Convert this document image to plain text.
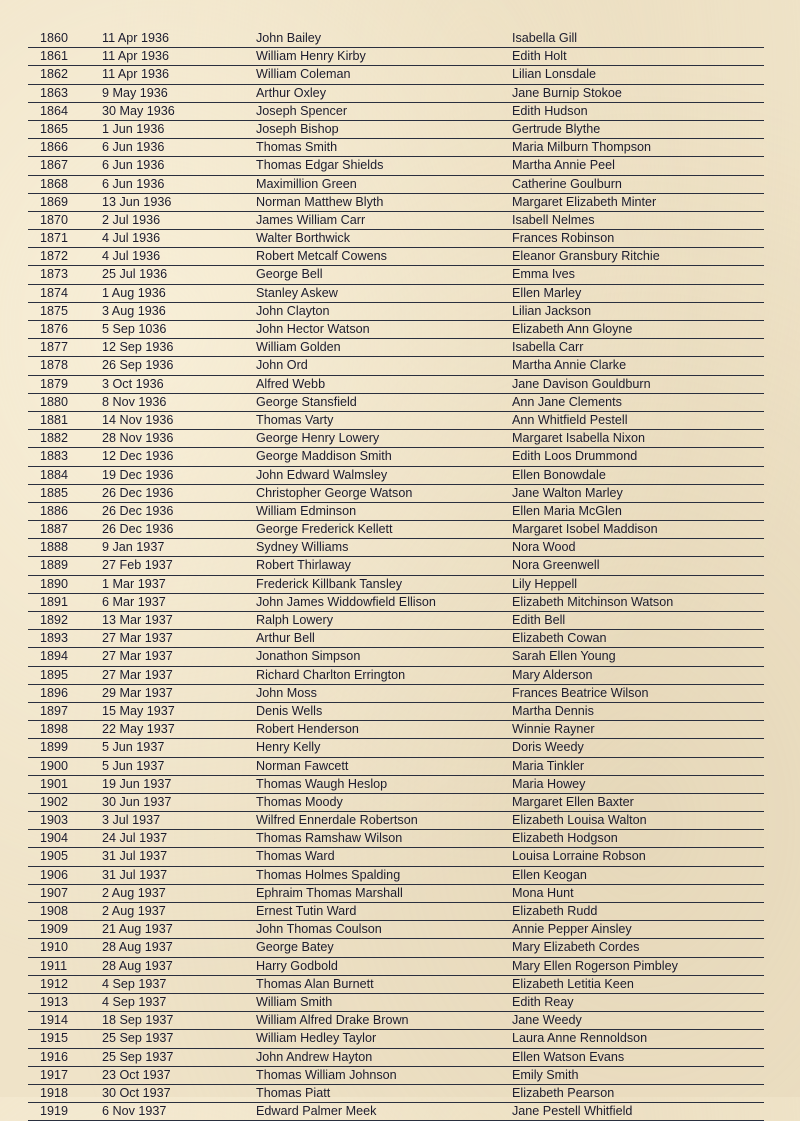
1860	11 Apr 1936	John Bailey	Isabella Gill
1861	11 Apr 1936	William Henry Kirby	Edith Holt
1862	11 Apr 1936	William Coleman	Lilian Lonsdale
1863	9 May 1936	Arthur Oxley	Jane Burnip Stokoe
1864	30 May 1936	Joseph Spencer	Edith Hudson
1865	1 Jun 1936	Joseph Bishop	Gertrude Blythe
1866	6 Jun 1936	Thomas Smith	Maria Milburn Thompson
1867	6 Jun 1936	Thomas Edgar Shields	Martha Annie Peel
1868	6 Jun 1936	Maximillion Green	Catherine Goulburn
1869	13 Jun 1936	Norman Matthew Blyth	Margaret Elizabeth Minter
1870	2 Jul 1936	James William Carr	Isabell Nelmes
1871	4 Jul 1936	Walter Borthwick	Frances Robinson
1872	4 Jul 1936	Robert Metcalf Cowens	Eleanor Gransbury Ritchie
1873	25 Jul 1936	George Bell	Emma Ives
1874	1 Aug 1936	Stanley Askew	Ellen Marley
1875	3 Aug 1936	John Clayton	Lilian Jackson
1876	5 Sep 1036	John Hector Watson	Elizabeth Ann Gloyne
1877	12 Sep 1936	William Golden	Isabella Carr
1878	26 Sep 1936	John Ord	Martha Annie Clarke
1879	3 Oct 1936	Alfred Webb	Jane Davison Gouldburn
1880	8 Nov 1936	George Stansfield	Ann Jane Clements
1881	14 Nov 1936	Thomas Varty	Ann Whitfield Pestell
1882	28 Nov 1936	George Henry Lowery	Margaret Isabella Nixon
1883	12 Dec 1936	George Maddison Smith	Edith Loos Drummond
1884	19 Dec 1936	John Edward Walmsley	Ellen Bonowdale
1885	26 Dec 1936	Christopher George Watson	Jane Walton Marley
1886	26 Dec 1936	William Edminson	Ellen Maria McGlen
1887	26 Dec 1936	George Frederick Kellett	Margaret Isobel Maddison
1888	9 Jan 1937	Sydney Williams	Nora Wood
1889	27 Feb 1937	Robert Thirlaway	Nora Greenwell
1890	1 Mar 1937	Frederick Killbank Tansley	Lily Heppell
1891	6 Mar 1937	John James Widdowfield Ellison	Elizabeth Mitchinson Watson
1892	13 Mar 1937	Ralph Lowery	Edith Bell
1893	27 Mar 1937	Arthur Bell	Elizabeth Cowan
1894	27 Mar 1937	Jonathon Simpson	Sarah Ellen Young
1895	27 Mar 1937	Richard Charlton Errington	Mary Alderson
1896	29 Mar 1937	John Moss	Frances Beatrice Wilson
1897	15 May 1937	Denis Wells	Martha Dennis
1898	22 May 1937	Robert Henderson	Winnie Rayner
1899	5 Jun 1937	Henry Kelly	Doris Weedy
1900	5 Jun 1937	Norman Fawcett	Maria Tinkler
1901	19 Jun 1937	Thomas Waugh Heslop	Maria Howey
1902	30 Jun 1937	Thomas Moody	Margaret Ellen Baxter
1903	3 Jul 1937	Wilfred Ennerdale Robertson	Elizabeth Louisa Walton
1904	24 Jul 1937	Thomas Ramshaw Wilson	Elizabeth Hodgson
1905	31 Jul 1937	Thomas Ward	Louisa Lorraine Robson
1906	31 Jul 1937	Thomas Holmes Spalding	Ellen Keogan
1907	2 Aug 1937	Ephraim Thomas Marshall	Mona Hunt
1908	2 Aug 1937	Ernest Tutin Ward	Elizabeth Rudd
1909	21 Aug 1937	John Thomas Coulson	Annie Pepper Ainsley
1910	28 Aug 1937	George Batey	Mary Elizabeth Cordes
1911	28 Aug 1937	Harry Godbold	Mary Ellen Rogerson Pimbley
1912	4 Sep 1937	Thomas Alan Burnett	Elizabeth Letitia Keen
1913	4 Sep 1937	William Smith	Edith Reay
1914	18 Sep 1937	William Alfred Drake Brown	Jane Weedy
1915	25 Sep 1937	William Hedley Taylor	Laura Anne Rennoldson
1916	25 Sep 1937	John Andrew Hayton	Ellen Watson Evans
1917	23 Oct 1937	Thomas William Johnson	Emily Smith
1918	30 Oct 1937	Thomas Piatt	Elizabeth Pearson
1919	6 Nov 1937	Edward Palmer Meek	Jane Pestell Whitfield
